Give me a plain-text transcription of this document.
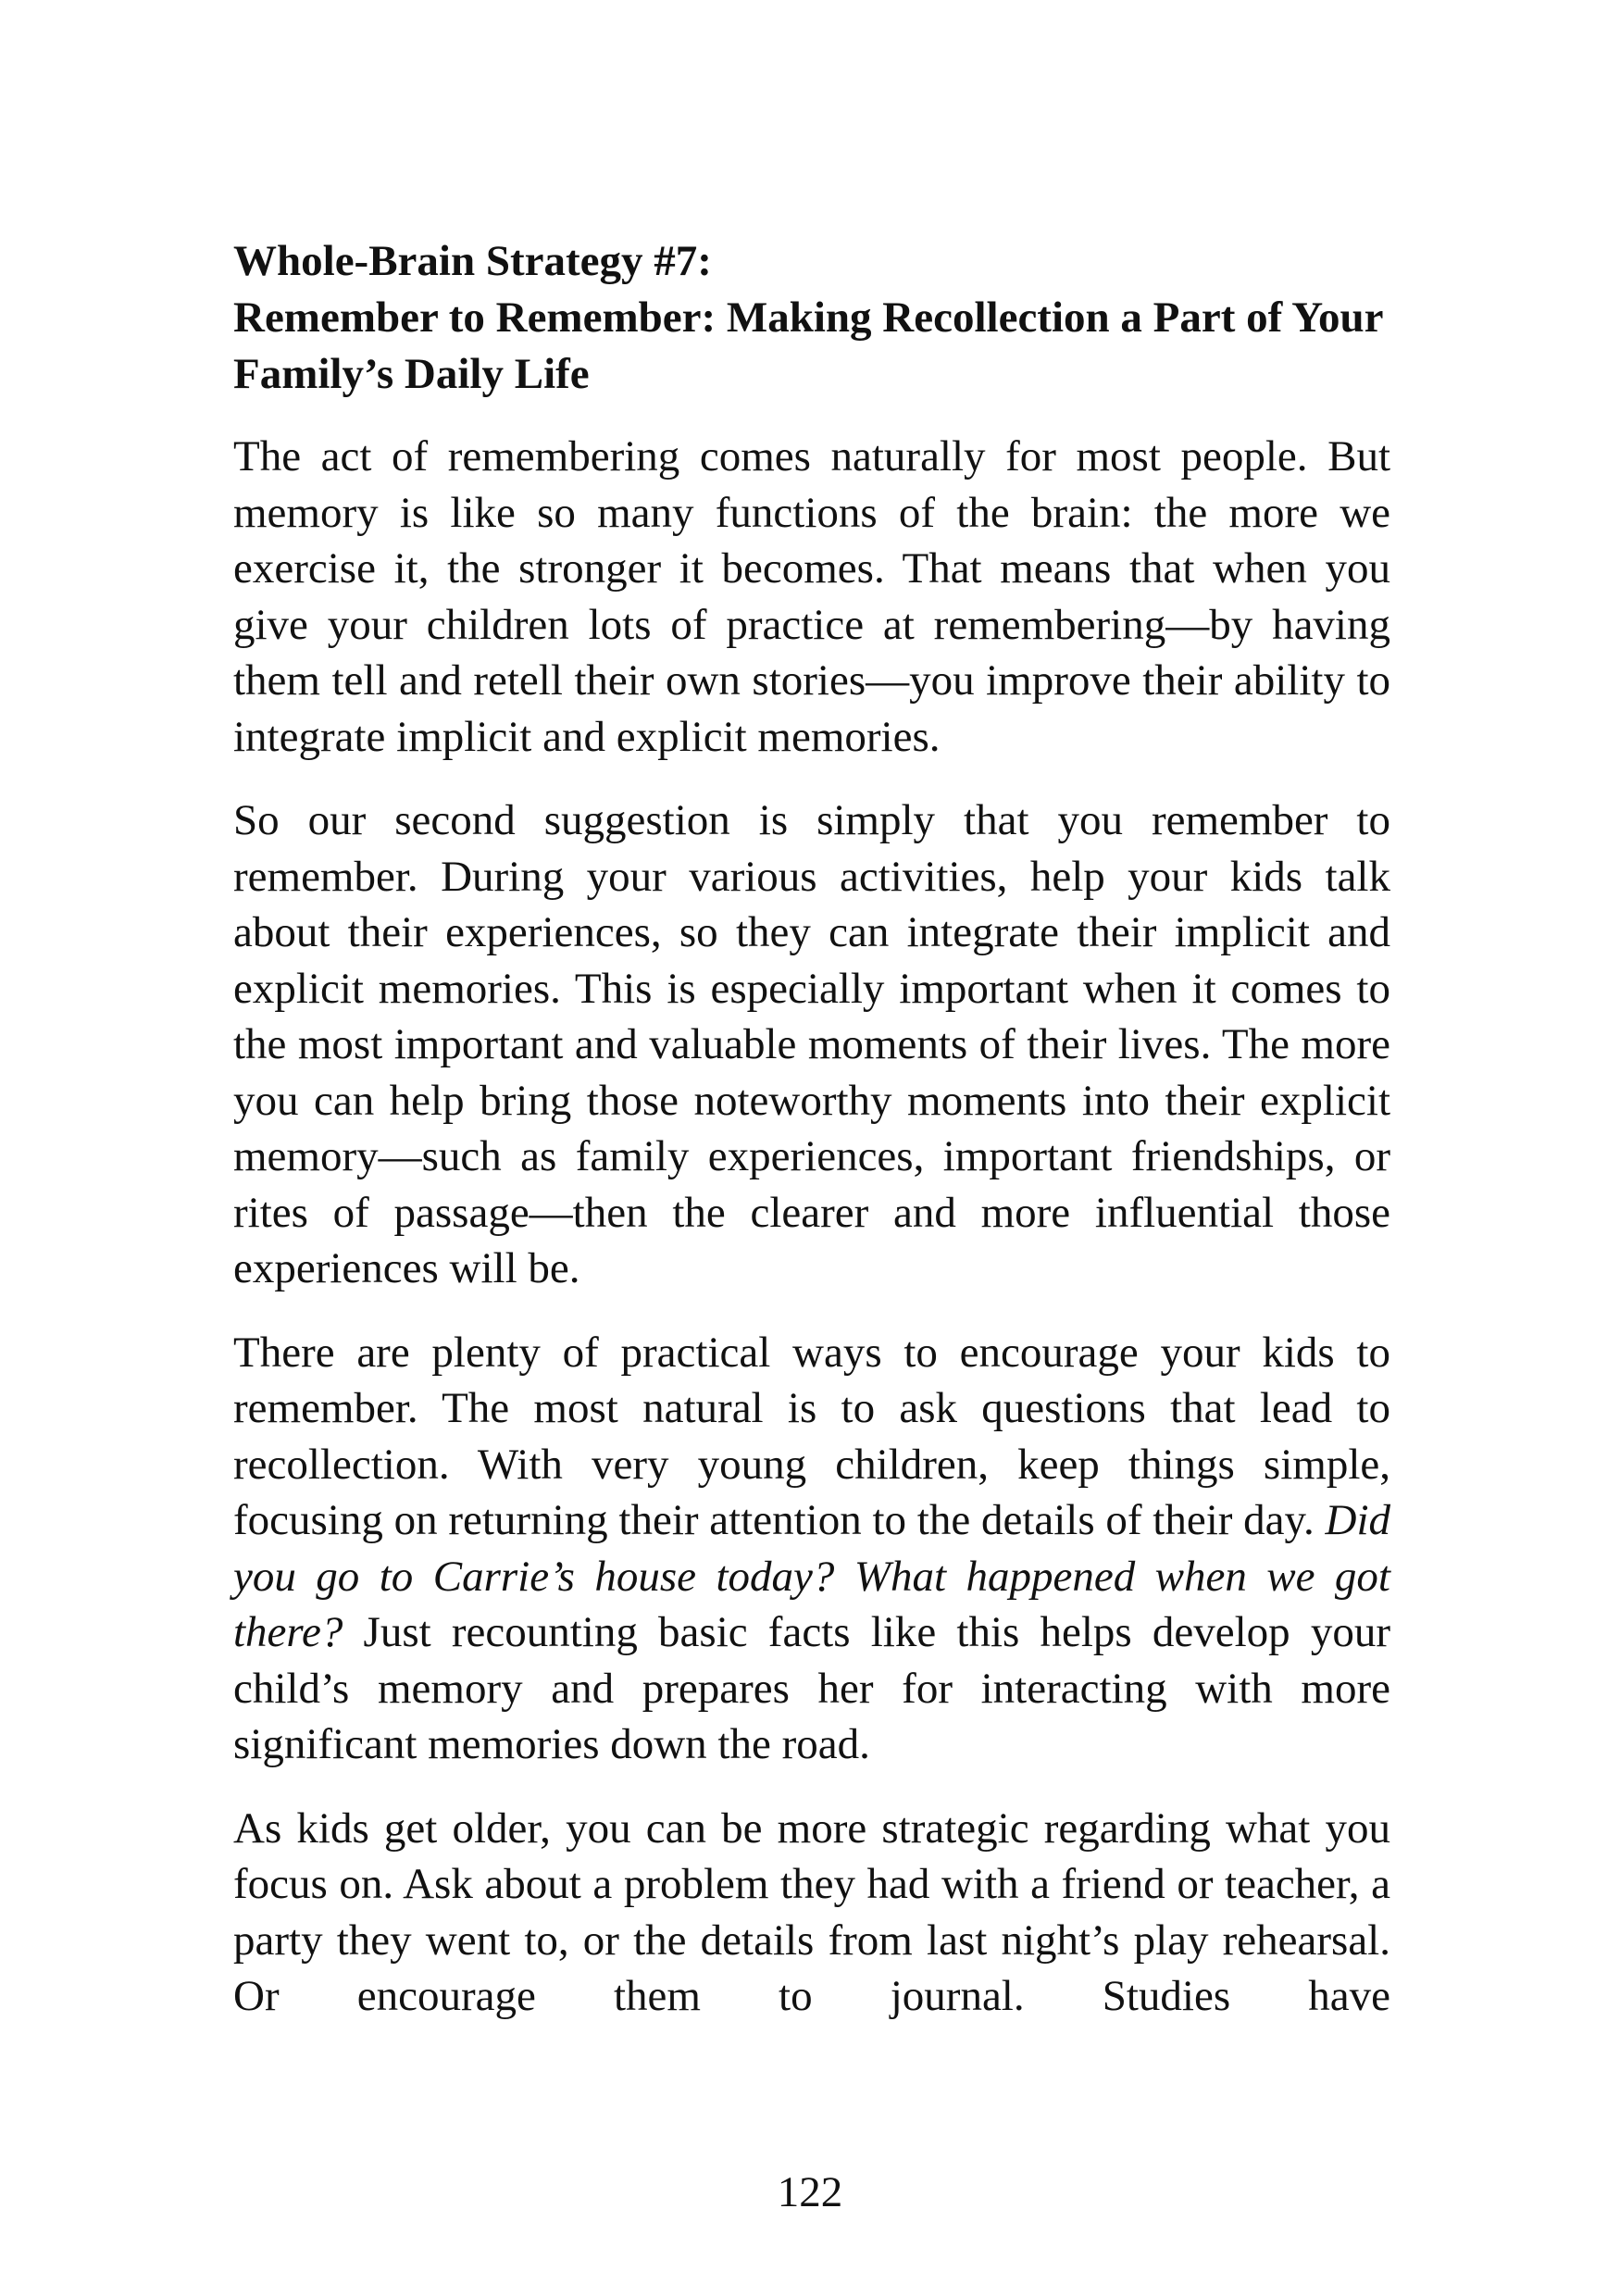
Whole-Brain Strategy #7:
Remember to Remember: Making Recollection a Part of Your Family’s Daily Life

The act of remembering comes naturally for most people. But memory is like so many functions of the brain: the more we exercise it, the stronger it becomes. That means that when you give your children lots of practice at remembering—by having them tell and retell their own stories—you improve their ability to integrate implicit and explicit memories.

So our second suggestion is simply that you remember to remember. During your various activities, help your kids talk about their experiences, so they can integrate their implicit and explicit memories. This is especially important when it comes to the most important and valuable moments of their lives. The more you can help bring those noteworthy moments into their explicit memory—such as family experiences, important friendships, or rites of passage—then the clearer and more influential those experiences will be.

There are plenty of practical ways to encourage your kids to remember. The most natural is to ask questions that lead to recollection. With very young children, keep things simple, focusing on returning their attention to the details of their day. Did you go to Carrie’s house today? What happened when we got there? Just recounting basic facts like this helps develop your child’s memory and prepares her for interacting with more significant memories down the road.

As kids get older, you can be more strategic regarding what you focus on. Ask about a problem they had with a friend or teacher, a party they went to, or the details from last night’s play rehearsal. Or encourage them to journal. Studies have

122
